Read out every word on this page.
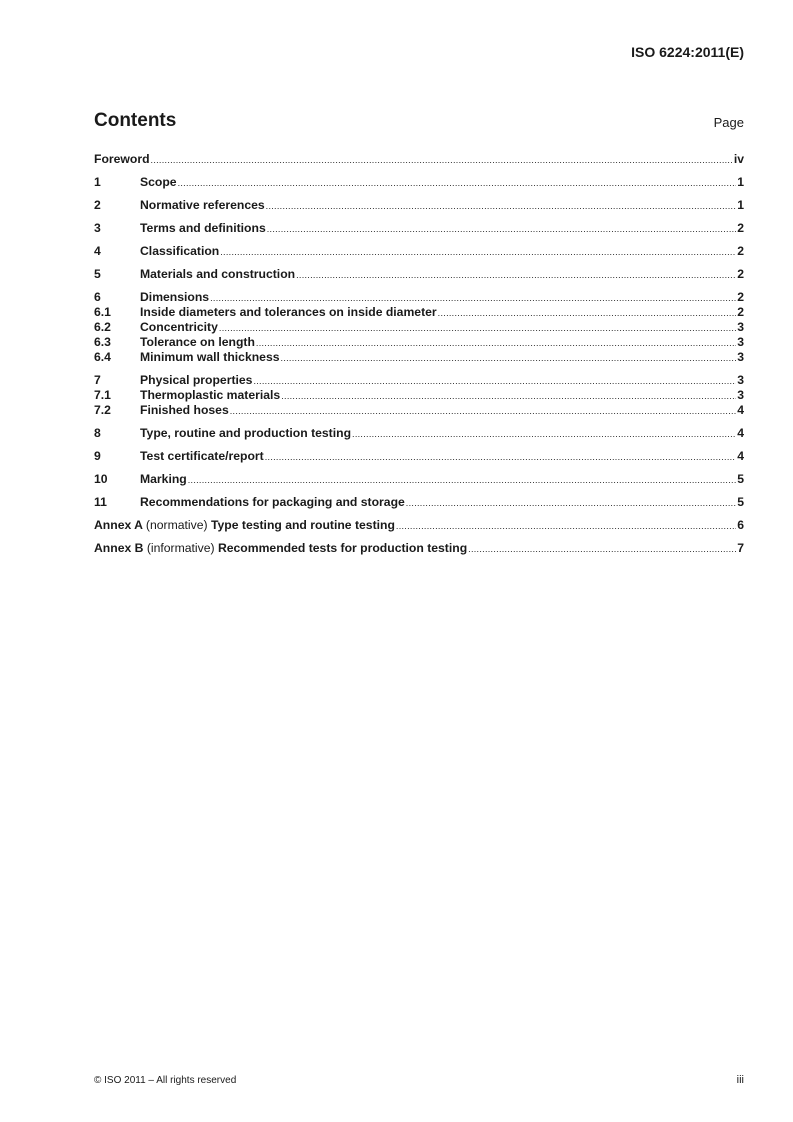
ISO 6224:2011(E)
Contents	Page
Foreword .....	iv
1	Scope .....	1
2	Normative references .....	1
3	Terms and definitions .....	2
4	Classification .....	2
5	Materials and construction .....	2
6	Dimensions .....	2
6.1	Inside diameters and tolerances on inside diameter .....	2
6.2	Concentricity .....	3
6.3	Tolerance on length .....	3
6.4	Minimum wall thickness .....	3
7	Physical properties .....	3
7.1	Thermoplastic materials .....	3
7.2	Finished hoses .....	4
8	Type, routine and production testing .....	4
9	Test certificate/report .....	4
10	Marking .....	5
11	Recommendations for packaging and storage .....	5
Annex A (normative) Type testing and routine testing .....	6
Annex B (informative) Recommended tests for production testing .....	7
© ISO 2011 – All rights reserved	iii
